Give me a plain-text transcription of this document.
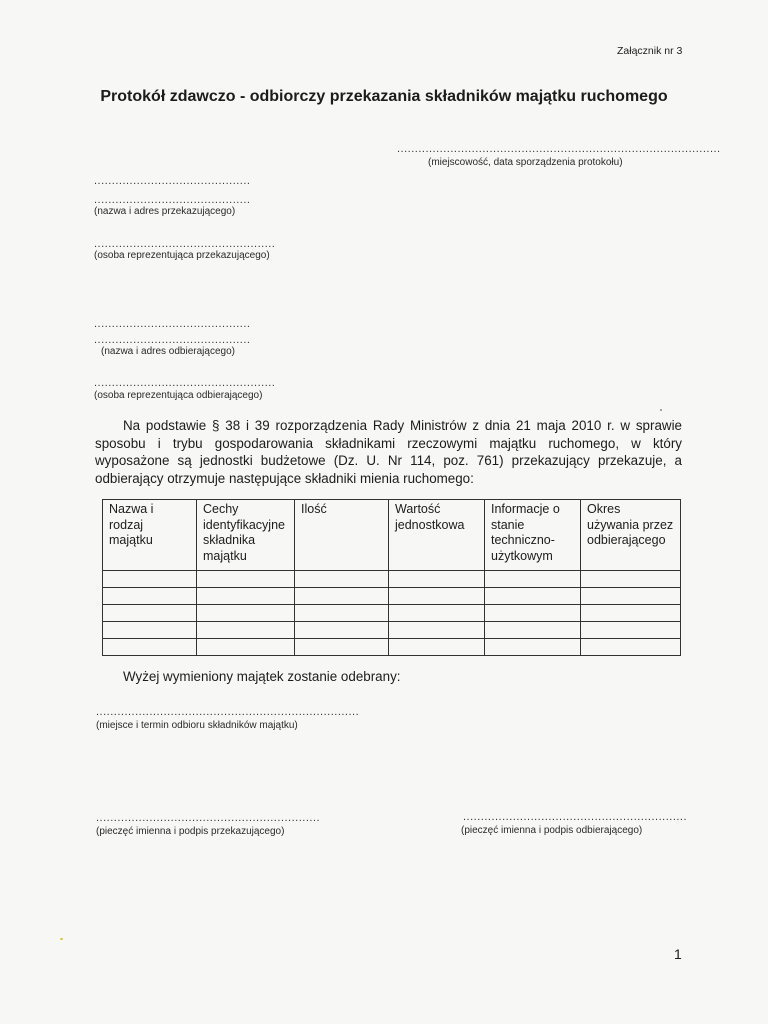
Załącznik nr 3
Protokół zdawczo - odbiorczy przekazania składników majątku ruchomego
...........................................................................................
(miejscowość, data sporządzenia protokołu)
............................................
............................................
(nazwa i adres przekazującego)
...................................................
(osoba reprezentująca przekazującego)
............................................
............................................
(nazwa i adres odbierającego)
...................................................
(osoba reprezentująca odbierającego)
Na podstawie § 38 i 39 rozporządzenia Rady Ministrów z dnia 21 maja 2010 r. w sprawie sposobu i trybu gospodarowania składnikami rzeczowymi majątku ruchomego, w który wyposażone są jednostki budżetowe (Dz. U. Nr 114, poz. 761) przekazujący przekazuje, a odbierający otrzymuje następujące składniki mienia ruchomego:
Nazwa i rodzaj majątku	Cechy identyfikacyjne składnika majątku	Ilość	Wartość jednostkowa	Informacje o stanie techniczno-użytkowym	Okres używania przez odbierającego

Wyżej wymieniony majątek zostanie odebrany:
..........................................................................
(miejsce i termin odbioru składników majątku)
...............................................................
(pieczęć imienna i podpis przekazującego)
...............................................................
(pieczęć imienna i podpis odbierającego)
1
